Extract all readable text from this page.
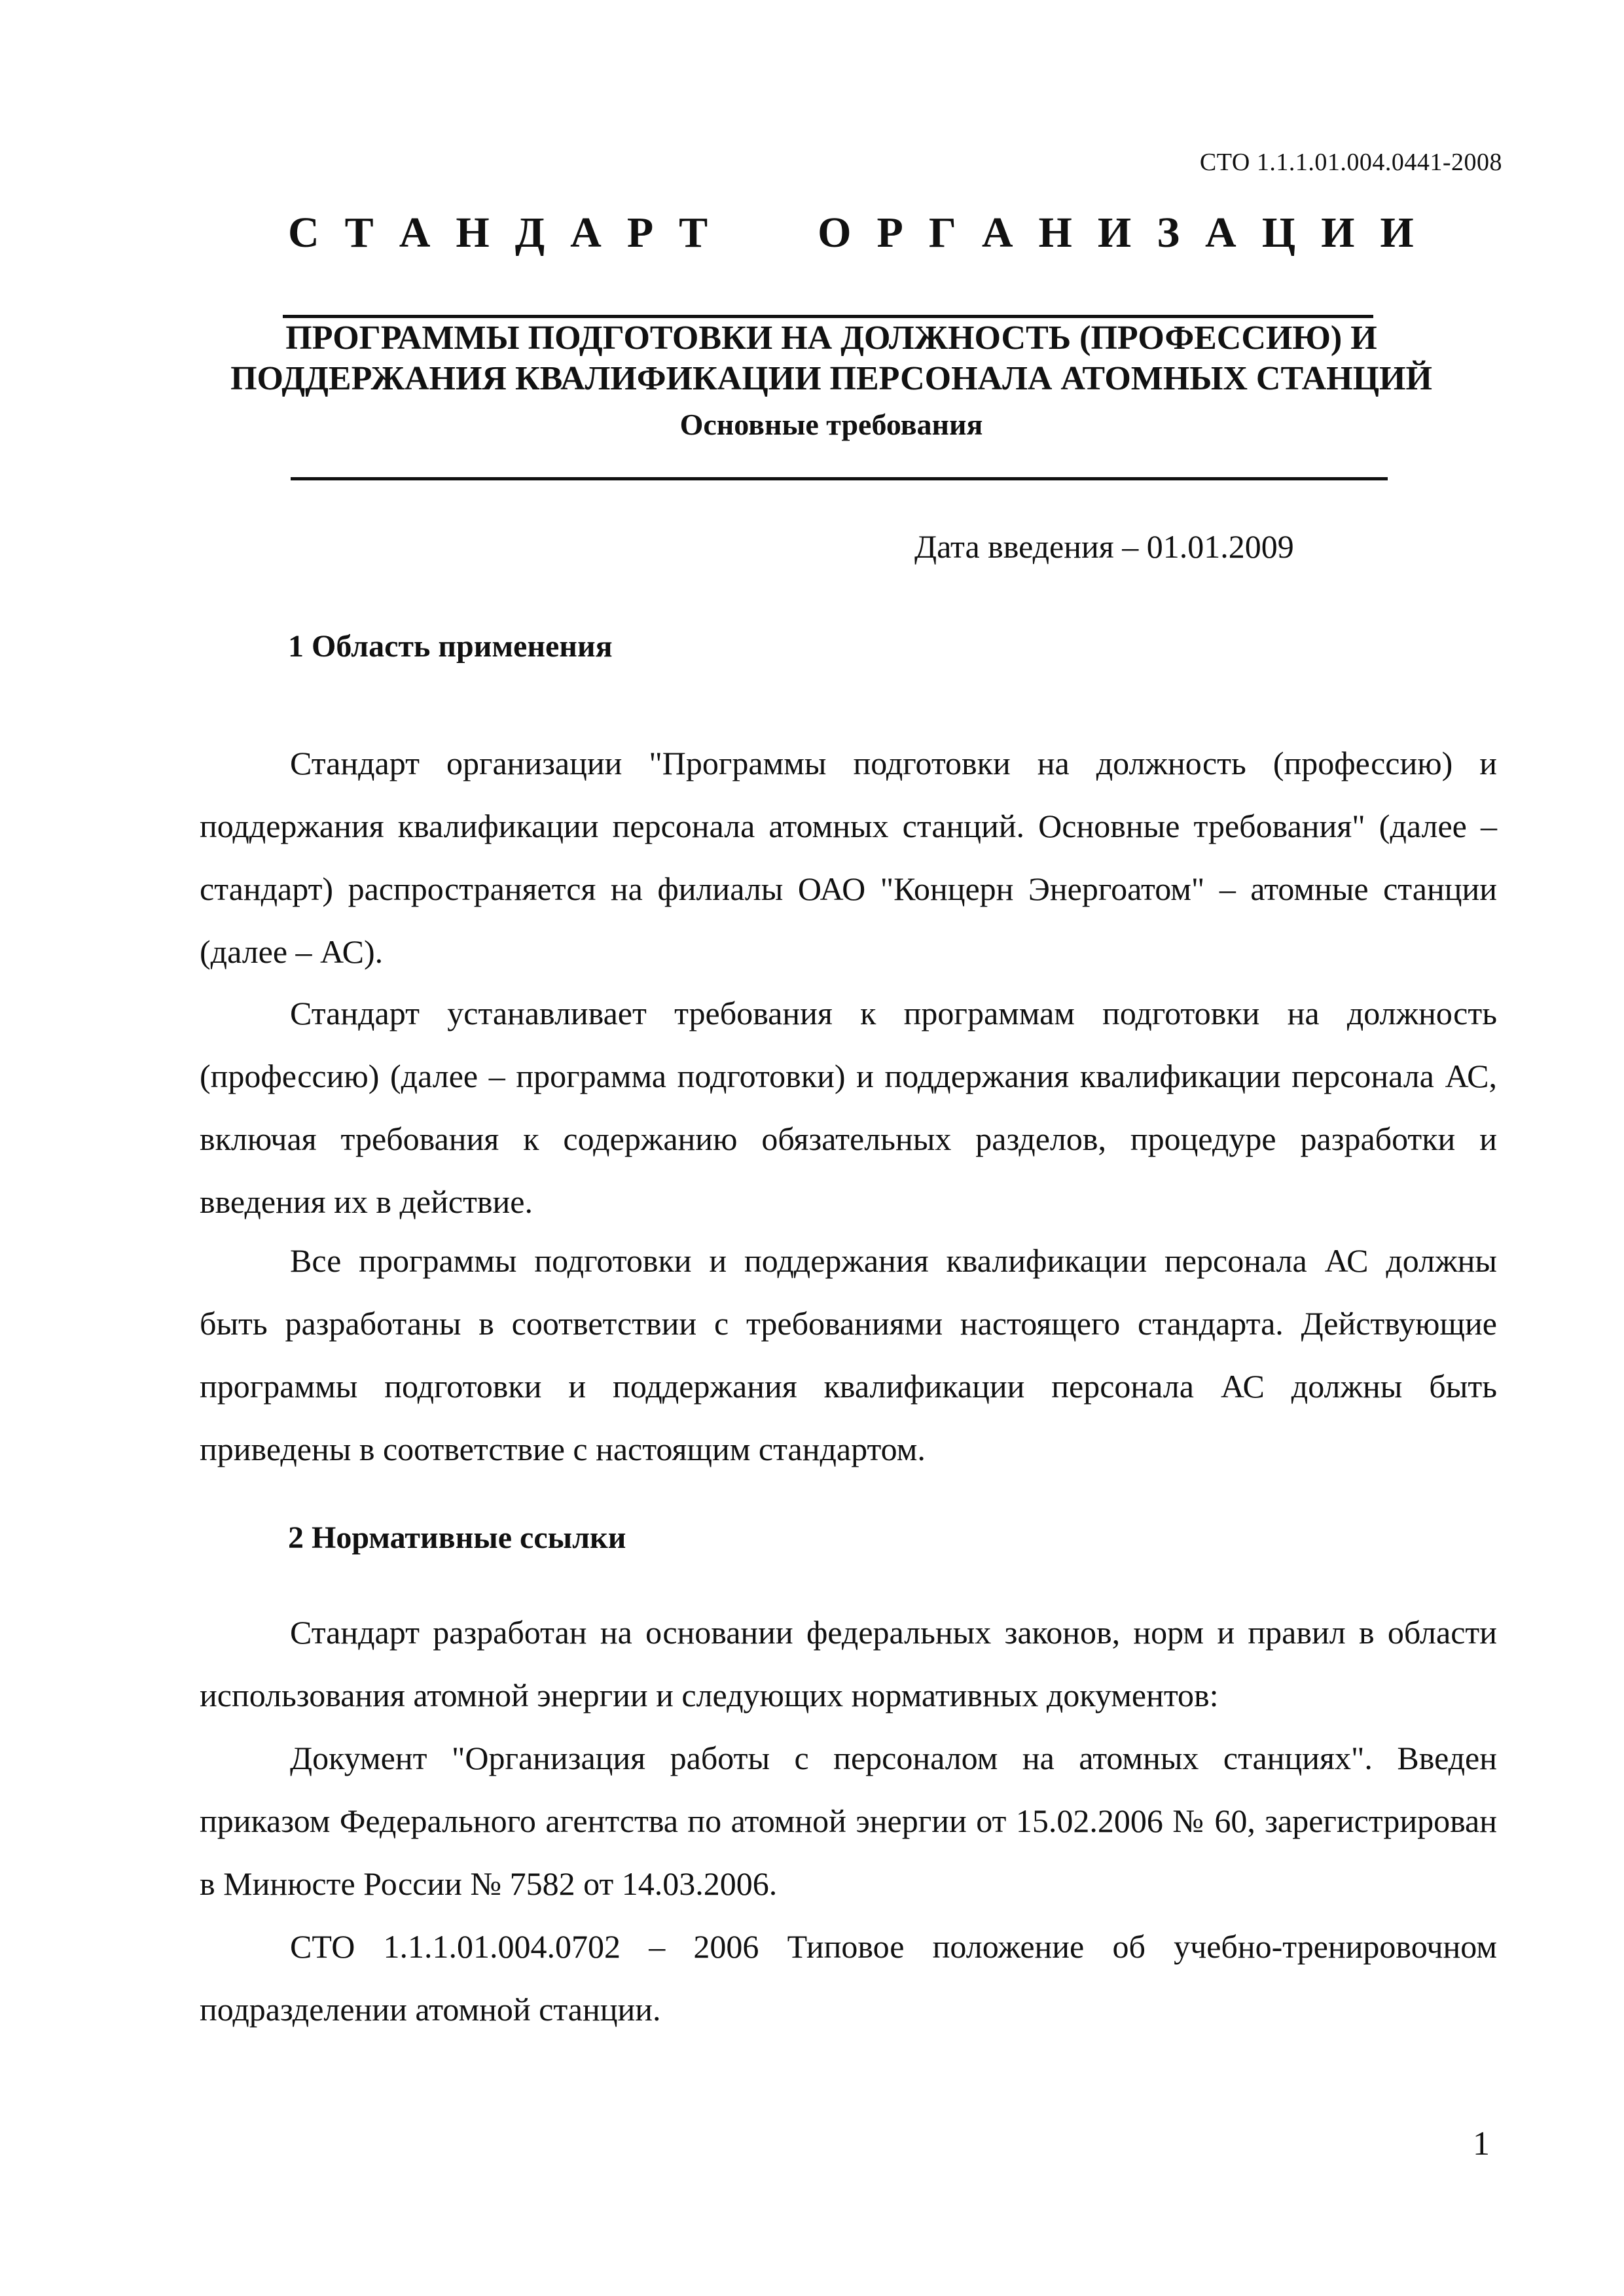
СТО 1.1.1.01.004.0441-2008
С Т А Н Д А Р Т	О Р Г А Н И З А Ц И И
ПРОГРАММЫ ПОДГОТОВКИ НА ДОЛЖНОСТЬ (ПРОФЕССИЮ) И
ПОДДЕРЖАНИЯ КВАЛИФИКАЦИИ ПЕРСОНАЛА АТОМНЫХ СТАНЦИЙ
Основные требования
Дата введения – 01.01.2009
1 Область применения
Стандарт организации "Программы подготовки на должность (профессию) и поддержания квалификации персонала атомных станций. Основные требования" (далее – стандарт) распространяется на филиалы ОАО "Концерн Энергоатом" – атомные станции (далее – АС).
Стандарт устанавливает требования к программам подготовки на должность (профессию) (далее – программа подготовки) и поддержания квалификации персонала АС, включая требования к содержанию обязательных разделов, процедуре разработки и введения их в действие.
Все программы подготовки и поддержания квалификации персонала АС должны быть разработаны в соответствии с требованиями настоящего стандарта. Действующие программы подготовки и поддержания квалификации персонала АС должны быть приведены в соответствие с настоящим стандартом.
2 Нормативные ссылки
Стандарт разработан на основании федеральных законов, норм и правил в области использования атомной энергии и следующих нормативных документов:
Документ "Организация работы с персоналом на атомных станциях". Введен приказом Федерального агентства по атомной энергии от 15.02.2006 № 60, зарегистрирован в Минюсте России № 7582 от 14.03.2006.
СТО 1.1.1.01.004.0702 – 2006 Типовое положение об учебно-тренировочном подразделении атомной станции.
1
